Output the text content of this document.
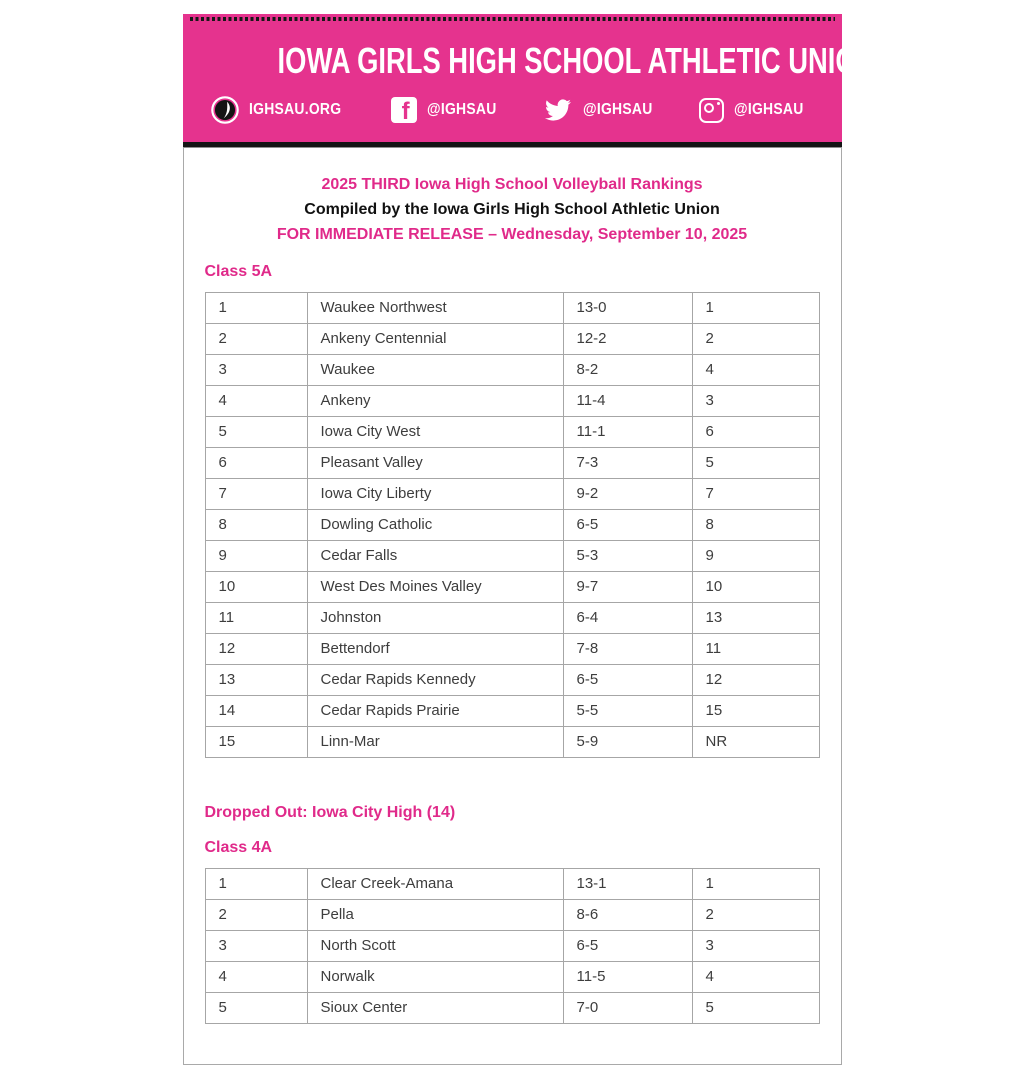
IOWA GIRLS HIGH SCHOOL ATHLETIC UNION
IGHSAU.ORG	f @IGHSAU	@IGHSAU	@IGHSAU

2025 THIRD Iowa High School Volleyball Rankings

Compiled by the Iowa Girls High School Athletic Union

FOR IMMEDIATE RELEASE – Wednesday, September 10, 2025

Class 5A
1	Waukee Northwest	13-0	1
2	Ankeny Centennial	12-2	2
3	Waukee	8-2	4
4	Ankeny	11-4	3
5	Iowa City West	11-1	6
6	Pleasant Valley	7-3	5
7	Iowa City Liberty	9-2	7
8	Dowling Catholic	6-5	8
9	Cedar Falls	5-3	9
10	West Des Moines Valley	9-7	10
11	Johnston	6-4	13
12	Bettendorf	7-8	11
13	Cedar Rapids Kennedy	6-5	12
14	Cedar Rapids Prairie	5-5	15
15	Linn-Mar	5-9	NR
Dropped Out: Iowa City High (14)
Class 4A
1	Clear Creek-Amana	13-1	1
2	Pella	8-6	2
3	North Scott	6-5	3
4	Norwalk	11-5	4
5	Sioux Center	7-0	5
